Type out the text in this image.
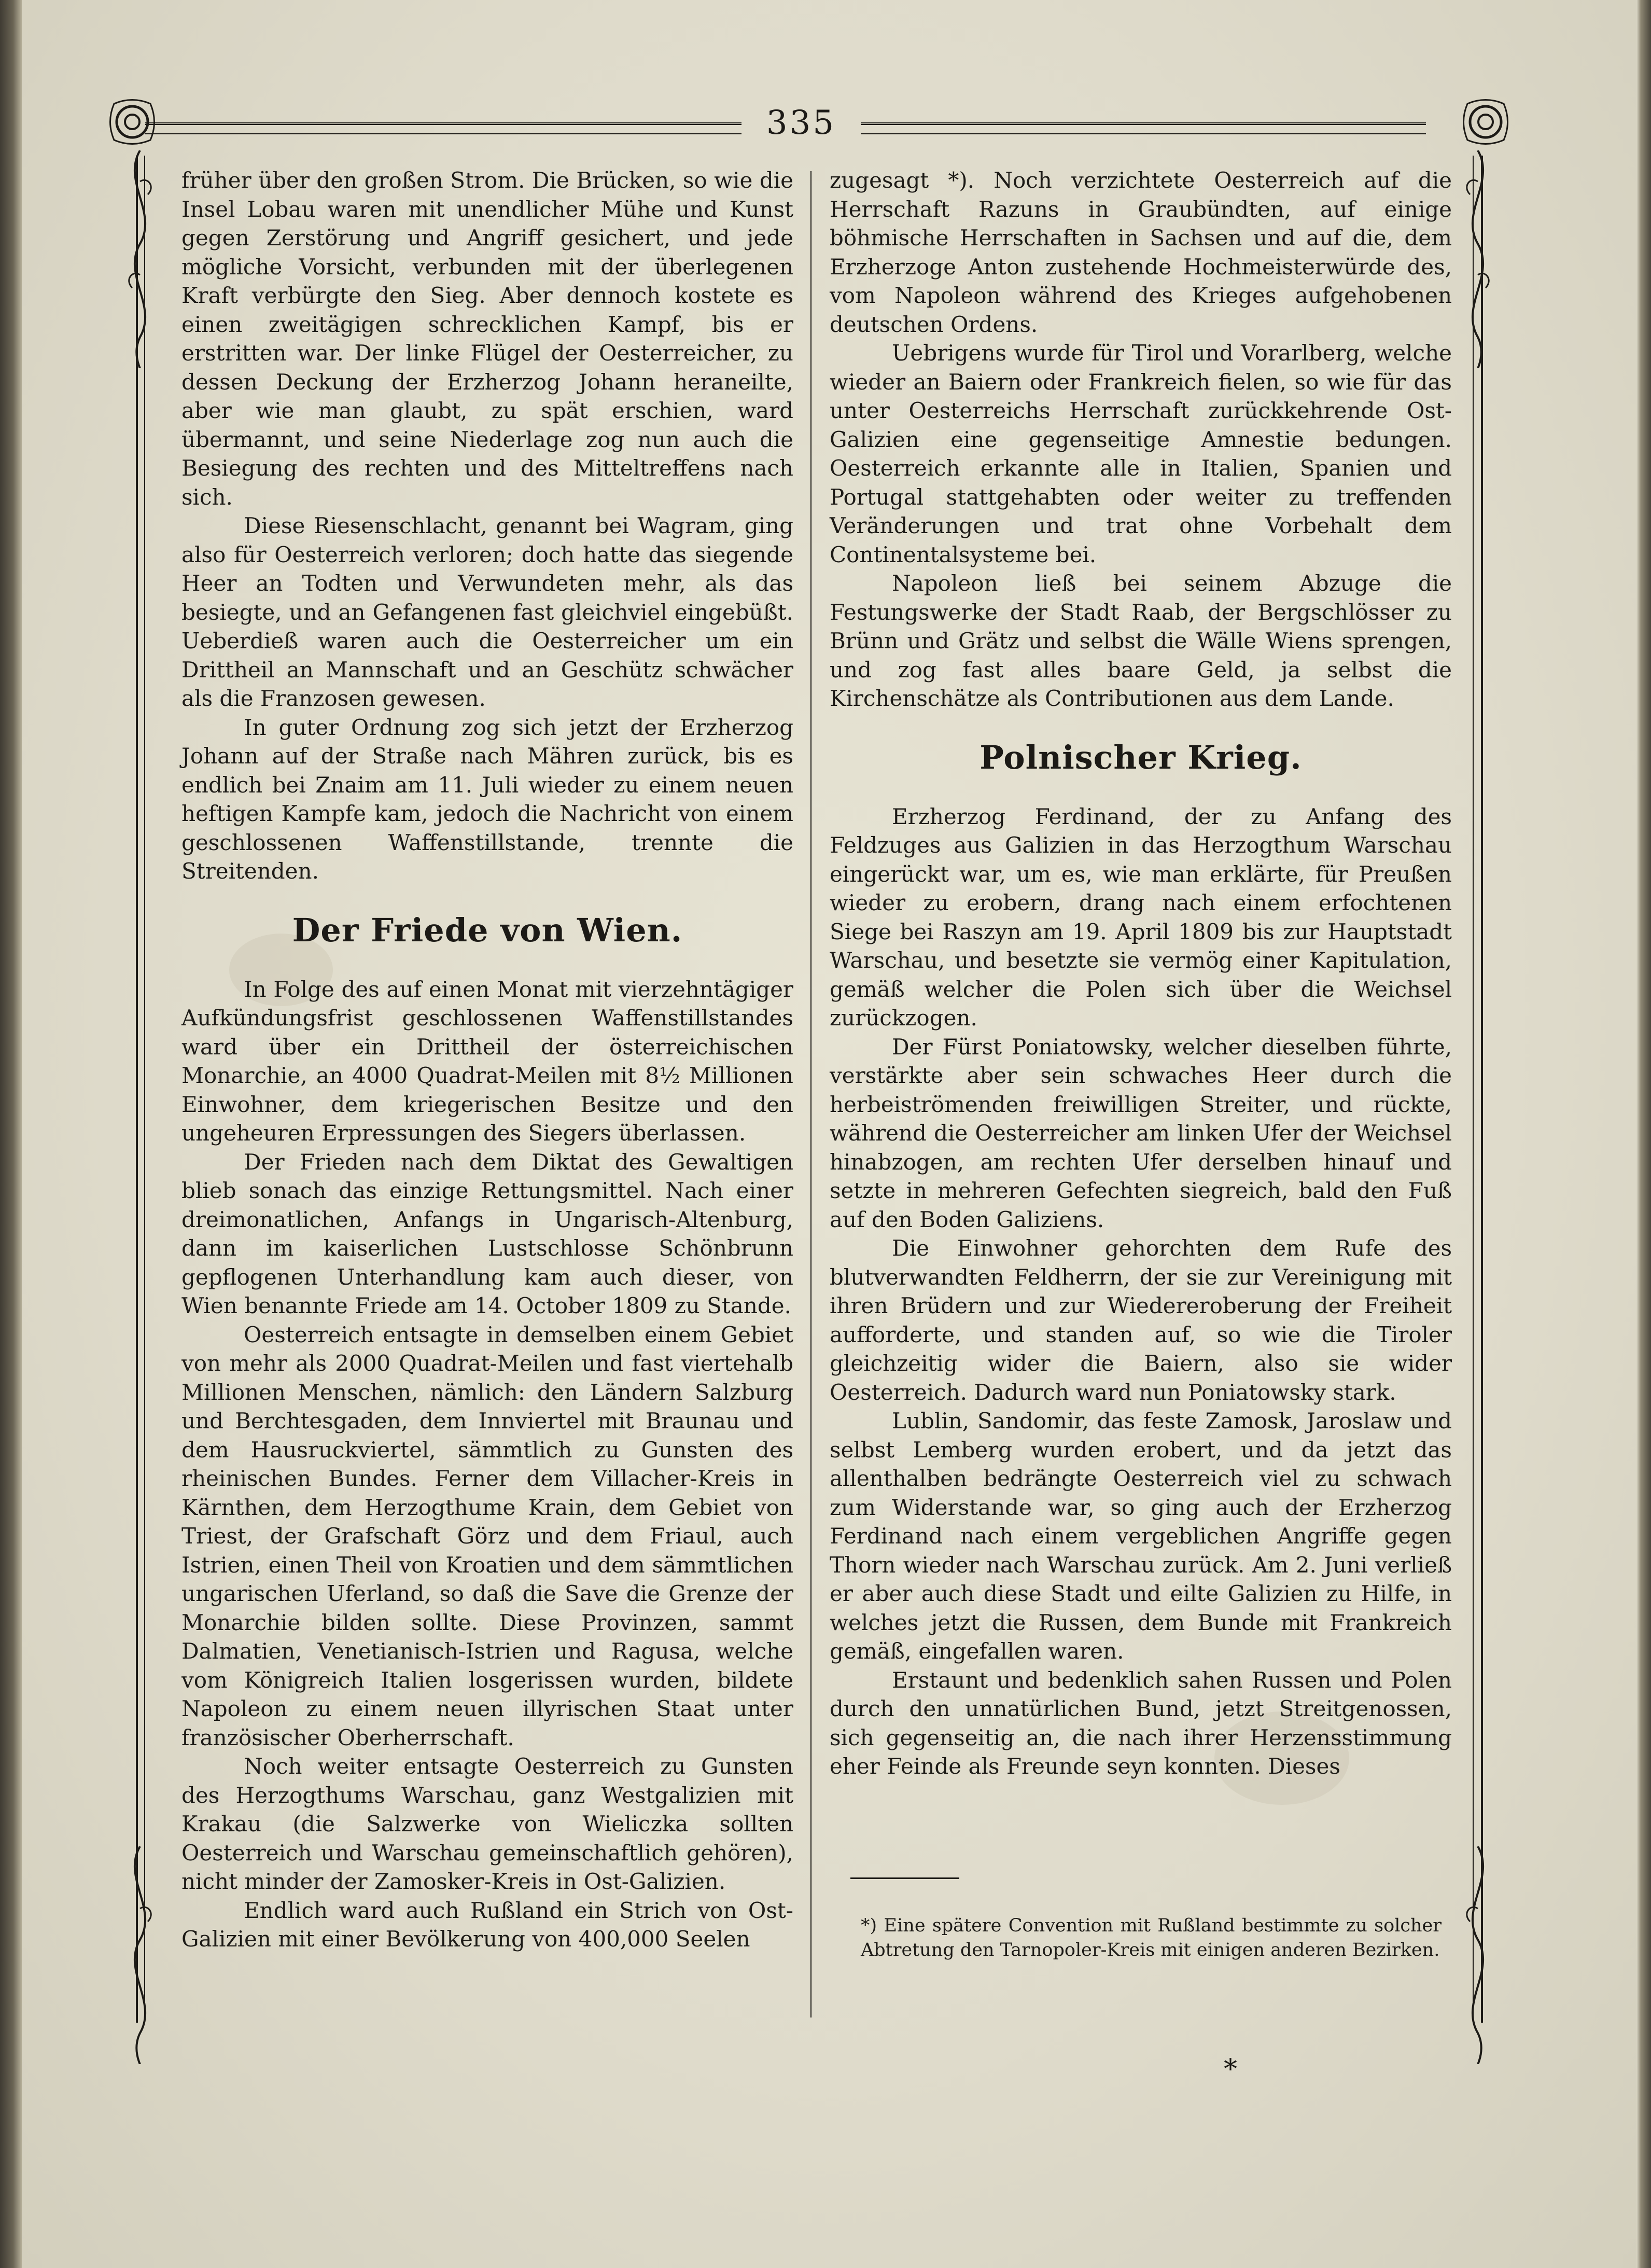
335

früher über den großen Strom. Die Brücken, so wie die Insel Lobau waren mit unendlicher Mühe und Kunst gegen Zerstörung und Angriff gesichert, und jede mögliche Vorsicht, verbunden mit der überlegenen Kraft verbürgte den Sieg. Aber dennoch kostete es einen zweitägigen schrecklichen Kampf, bis er erstritten war. Der linke Flügel der Oesterreicher, zu dessen Deckung der Erzherzog Johann heraneilte, aber wie man glaubt, zu spät erschien, ward übermannt, und seine Niederlage zog nun auch die Besiegung des rechten und des Mitteltreffens nach sich.

Diese Riesenschlacht, genannt bei Wagram, ging also für Oesterreich verloren; doch hatte das siegende Heer an Todten und Verwundeten mehr, als das besiegte, und an Gefangenen fast gleichviel eingebüßt. Ueberdieß waren auch die Oesterreicher um ein Drittheil an Mannschaft und an Geschütz schwächer als die Franzosen gewesen.

In guter Ordnung zog sich jetzt der Erzherzog Johann auf der Straße nach Mähren zurück, bis es endlich bei Znaim am 11. Juli wieder zu einem neuen heftigen Kampfe kam, jedoch die Nachricht von einem geschlossenen Waffenstillstande, trennte die Streitenden.

Der Friede von Wien.

In Folge des auf einen Monat mit vierzehntägiger Aufkündungsfrist geschlossenen Waffenstillstandes ward über ein Drittheil der österreichischen Monarchie, an 4000 Quadrat-Meilen mit 8½ Millionen Einwohner, dem kriegerischen Besitze und den ungeheuren Erpressungen des Siegers überlassen.

Der Frieden nach dem Diktat des Gewaltigen blieb sonach das einzige Rettungsmittel. Nach einer dreimonatlichen, Anfangs in Ungarisch-Altenburg, dann im kaiserlichen Lustschlosse Schönbrunn gepflogenen Unterhandlung kam auch dieser, von Wien benannte Friede am 14. October 1809 zu Stande.

Oesterreich entsagte in demselben einem Gebiet von mehr als 2000 Quadrat-Meilen und fast viertehalb Millionen Menschen, nämlich: den Ländern Salzburg und Berchtesgaden, dem Innviertel mit Braunau und dem Hausruckviertel, sämmtlich zu Gunsten des rheinischen Bundes. Ferner dem Villacher-Kreis in Kärnthen, dem Herzogthume Krain, dem Gebiet von Triest, der Grafschaft Görz und dem Friaul, auch Istrien, einen Theil von Kroatien und dem sämmtlichen ungarischen Uferland, so daß die Save die Grenze der Monarchie bilden sollte. Diese Provinzen, sammt Dalmatien, Venetianisch-Istrien und Ragusa, welche vom Königreich Italien losgerissen wurden, bildete Napoleon zu einem neuen illyrischen Staat unter französischer Oberherrschaft.

Noch weiter entsagte Oesterreich zu Gunsten des Herzogthums Warschau, ganz Westgalizien mit Krakau (die Salzwerke von Wieliczka sollten Oesterreich und Warschau gemeinschaftlich gehören), nicht minder der Zamosker-Kreis in Ost-Galizien.

Endlich ward auch Rußland ein Strich von Ost-Galizien mit einer Bevölkerung von 400,000 Seelen

zugesagt *). Noch verzichtete Oesterreich auf die Herrschaft Razuns in Graubündten, auf einige böhmische Herrschaften in Sachsen und auf die, dem Erzherzoge Anton zustehende Hochmeisterwürde des, vom Napoleon während des Krieges aufgehobenen deutschen Ordens.

Uebrigens wurde für Tirol und Vorarlberg, welche wieder an Baiern oder Frankreich fielen, so wie für das unter Oesterreichs Herrschaft zurückkehrende Ost-Galizien eine gegenseitige Amnestie bedungen. Oesterreich erkannte alle in Italien, Spanien und Portugal stattgehabten oder weiter zu treffenden Veränderungen und trat ohne Vorbehalt dem Continentalsysteme bei.

Napoleon ließ bei seinem Abzuge die Festungswerke der Stadt Raab, der Bergschlösser zu Brünn und Grätz und selbst die Wälle Wiens sprengen, und zog fast alles baare Geld, ja selbst die Kirchenschätze als Contributionen aus dem Lande.

Polnischer Krieg.

Erzherzog Ferdinand, der zu Anfang des Feldzuges aus Galizien in das Herzogthum Warschau eingerückt war, um es, wie man erklärte, für Preußen wieder zu erobern, drang nach einem erfochtenen Siege bei Raszyn am 19. April 1809 bis zur Hauptstadt Warschau, und besetzte sie vermög einer Kapitulation, gemäß welcher die Polen sich über die Weichsel zurückzogen.

Der Fürst Poniatowsky, welcher dieselben führte, verstärkte aber sein schwaches Heer durch die herbeiströmenden freiwilligen Streiter, und rückte, während die Oesterreicher am linken Ufer der Weichsel hinabzogen, am rechten Ufer derselben hinauf und setzte in mehreren Gefechten siegreich, bald den Fuß auf den Boden Galiziens.

Die Einwohner gehorchten dem Rufe des blutverwandten Feldherrn, der sie zur Vereinigung mit ihren Brüdern und zur Wiedereroberung der Freiheit aufforderte, und standen auf, so wie die Tiroler gleichzeitig wider die Baiern, also sie wider Oesterreich. Dadurch ward nun Poniatowsky stark.

Lublin, Sandomir, das feste Zamosk, Jaroslaw und selbst Lemberg wurden erobert, und da jetzt das allenthalben bedrängte Oesterreich viel zu schwach zum Widerstande war, so ging auch der Erzherzog Ferdinand nach einem vergeblichen Angriffe gegen Thorn wieder nach Warschau zurück. Am 2. Juni verließ er aber auch diese Stadt und eilte Galizien zu Hilfe, in welches jetzt die Russen, dem Bunde mit Frankreich gemäß, eingefallen waren.

Erstaunt und bedenklich sahen Russen und Polen durch den unnatürlichen Bund, jetzt Streitgenossen, sich gegenseitig an, die nach ihrer Herzensstimmung eher Feinde als Freunde seyn konnten. Dieses

*) Eine spätere Convention mit Rußland bestimmte zu solcher Abtretung den Tarnopoler-Kreis mit einigen anderen Bezirken.
*
